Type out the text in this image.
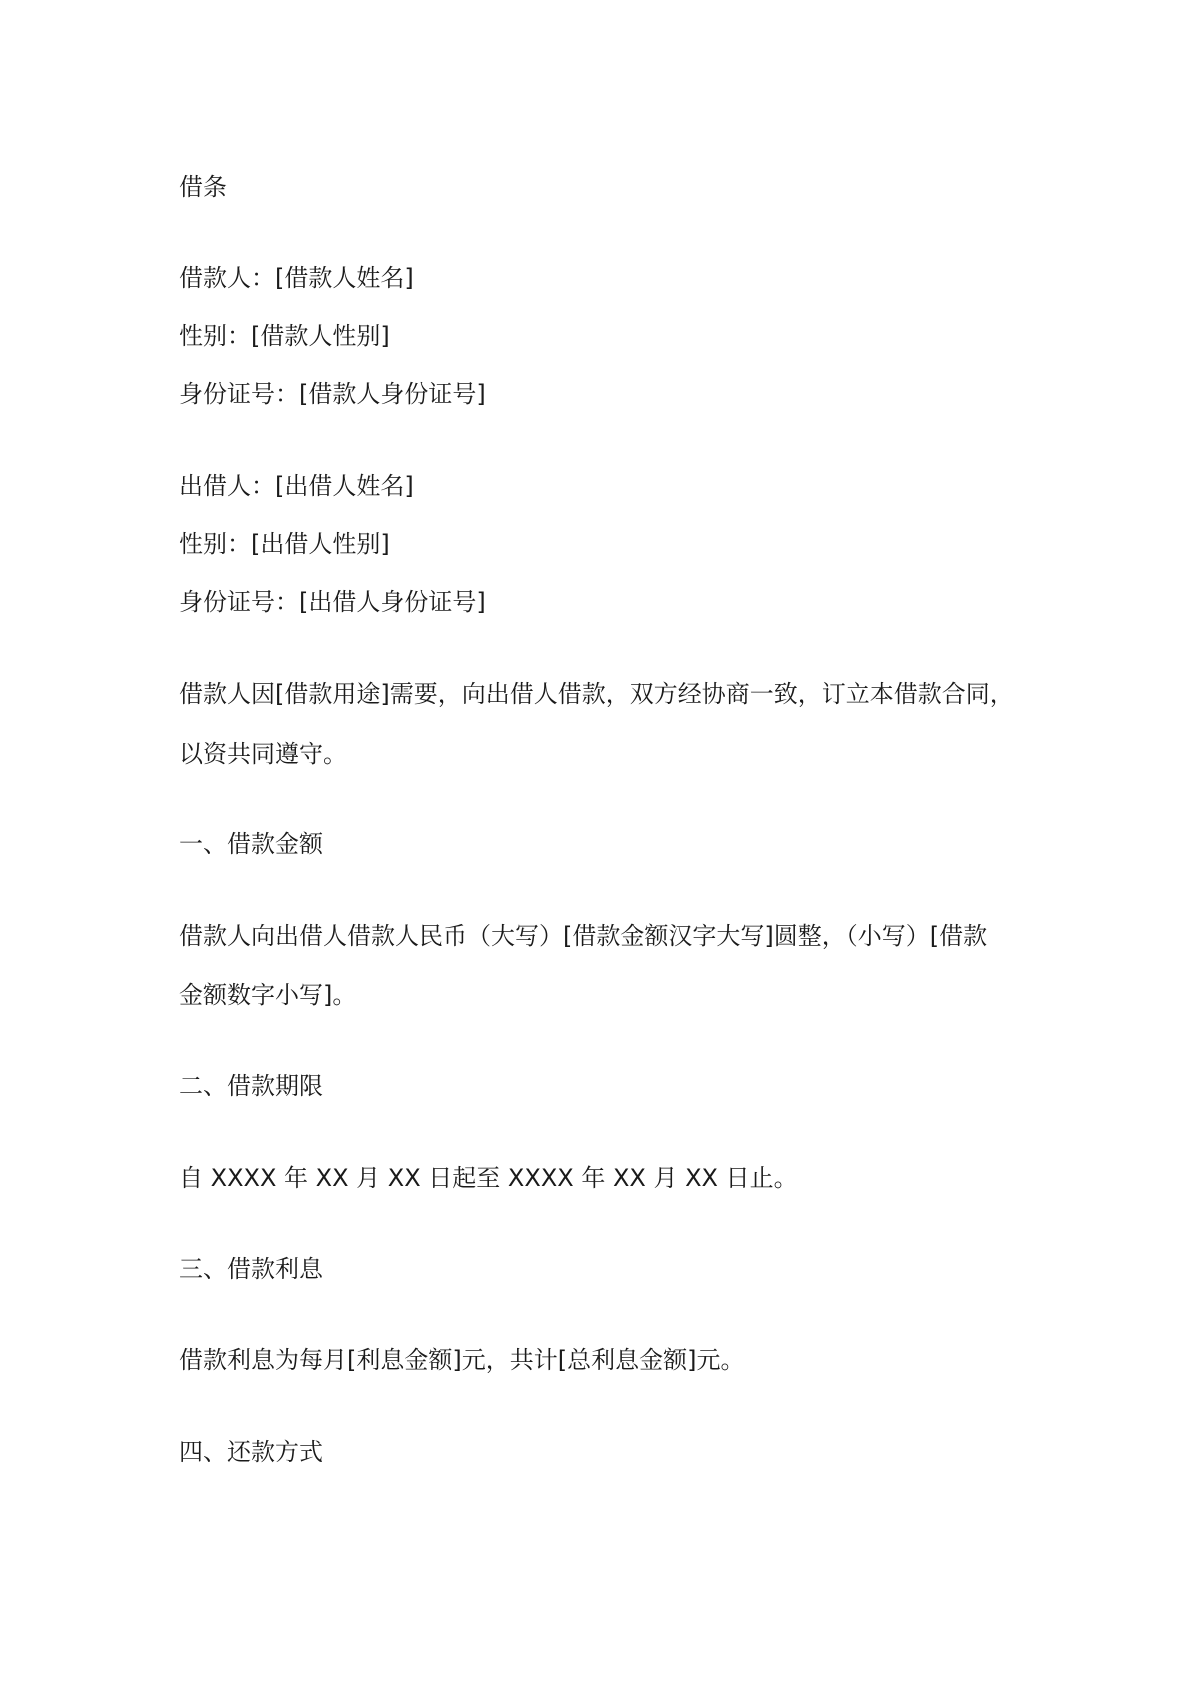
借条

借款人：[借款人姓名]

性别：[借款人性别]

身份证号：[借款人身份证号]

出借人：[出借人姓名]

性别：[出借人性别]

身份证号：[出借人身份证号]

借款人因[借款用途]需要，向出借人借款，双方经协商一致，订立本借款合同，

以资共同遵守。

一、借款金额

借款人向出借人借款人民币（大写）[借款金额汉字大写]圆整，（小写）[借款

金额数字小写]。

二、借款期限

自 XXXX 年 XX 月 XX 日起至 XXXX 年 XX 月 XX 日止。

三、借款利息

借款利息为每月[利息金额]元，共计[总利息金额]元。

四、还款方式
